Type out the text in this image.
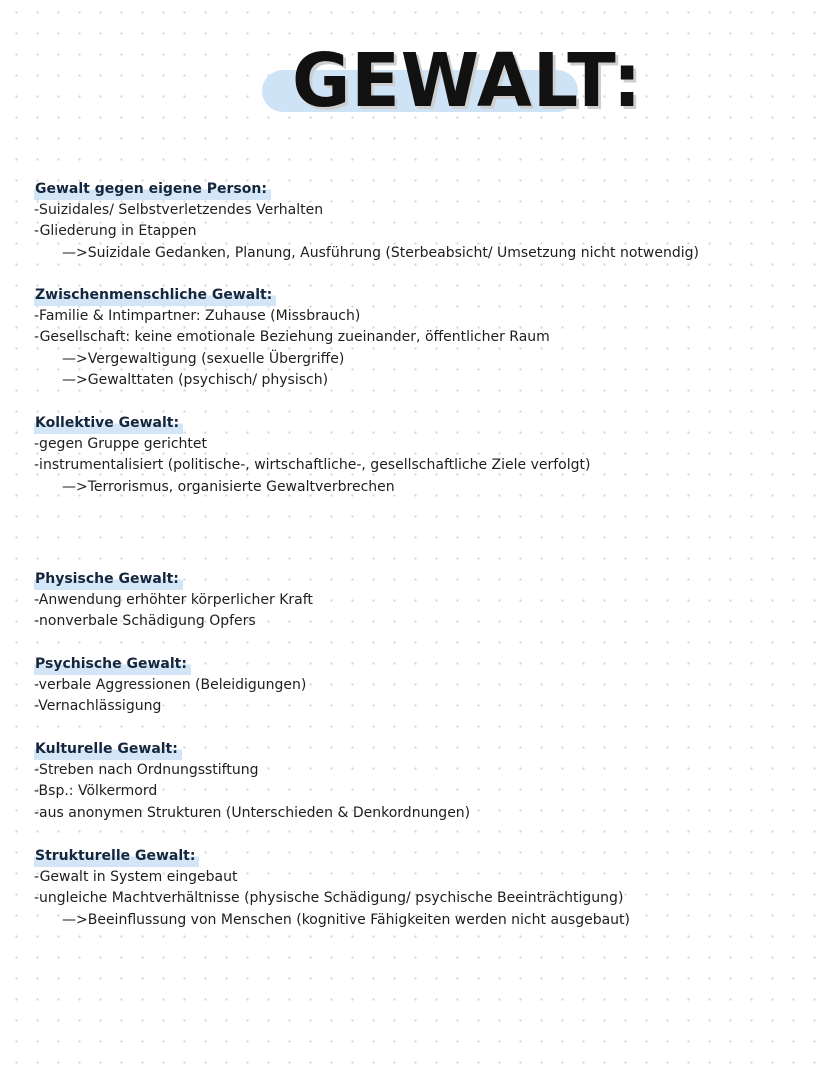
GEWALT:
Gewalt gegen eigene Person:

-Suizidales/ Selbstverletzendes Verhalten

-Gliederung in Etappen

—>Suizidale Gedanken, Planung, Ausführung (Sterbeabsicht/ Umsetzung nicht notwendig)

Zwischenmenschliche Gewalt:

-Familie & Intimpartner: Zuhause (Missbrauch)

-Gesellschaft: keine emotionale Beziehung zueinander, öffentlicher Raum

—>Vergewaltigung (sexuelle Übergriffe)

—>Gewalttaten (psychisch/ physisch)

Kollektive Gewalt:

-gegen Gruppe gerichtet

-instrumentalisiert (politische-, wirtschaftliche-, gesellschaftliche Ziele verfolgt)

—>Terrorismus, organisierte Gewaltverbrechen

Physische Gewalt:

-Anwendung erhöhter körperlicher Kraft

-nonverbale Schädigung Opfers

Psychische Gewalt:

-verbale Aggressionen (Beleidigungen)

-Vernachlässigung

Kulturelle Gewalt:

-Streben nach Ordnungsstiftung

-Bsp.: Völkermord

-aus anonymen Strukturen (Unterschieden & Denkordnungen)

Strukturelle Gewalt:

-Gewalt in System eingebaut

-ungleiche Machtverhältnisse (physische Schädigung/ psychische Beeinträchtigung)

—>Beeinflussung von Menschen (kognitive Fähigkeiten werden nicht ausgebaut)
